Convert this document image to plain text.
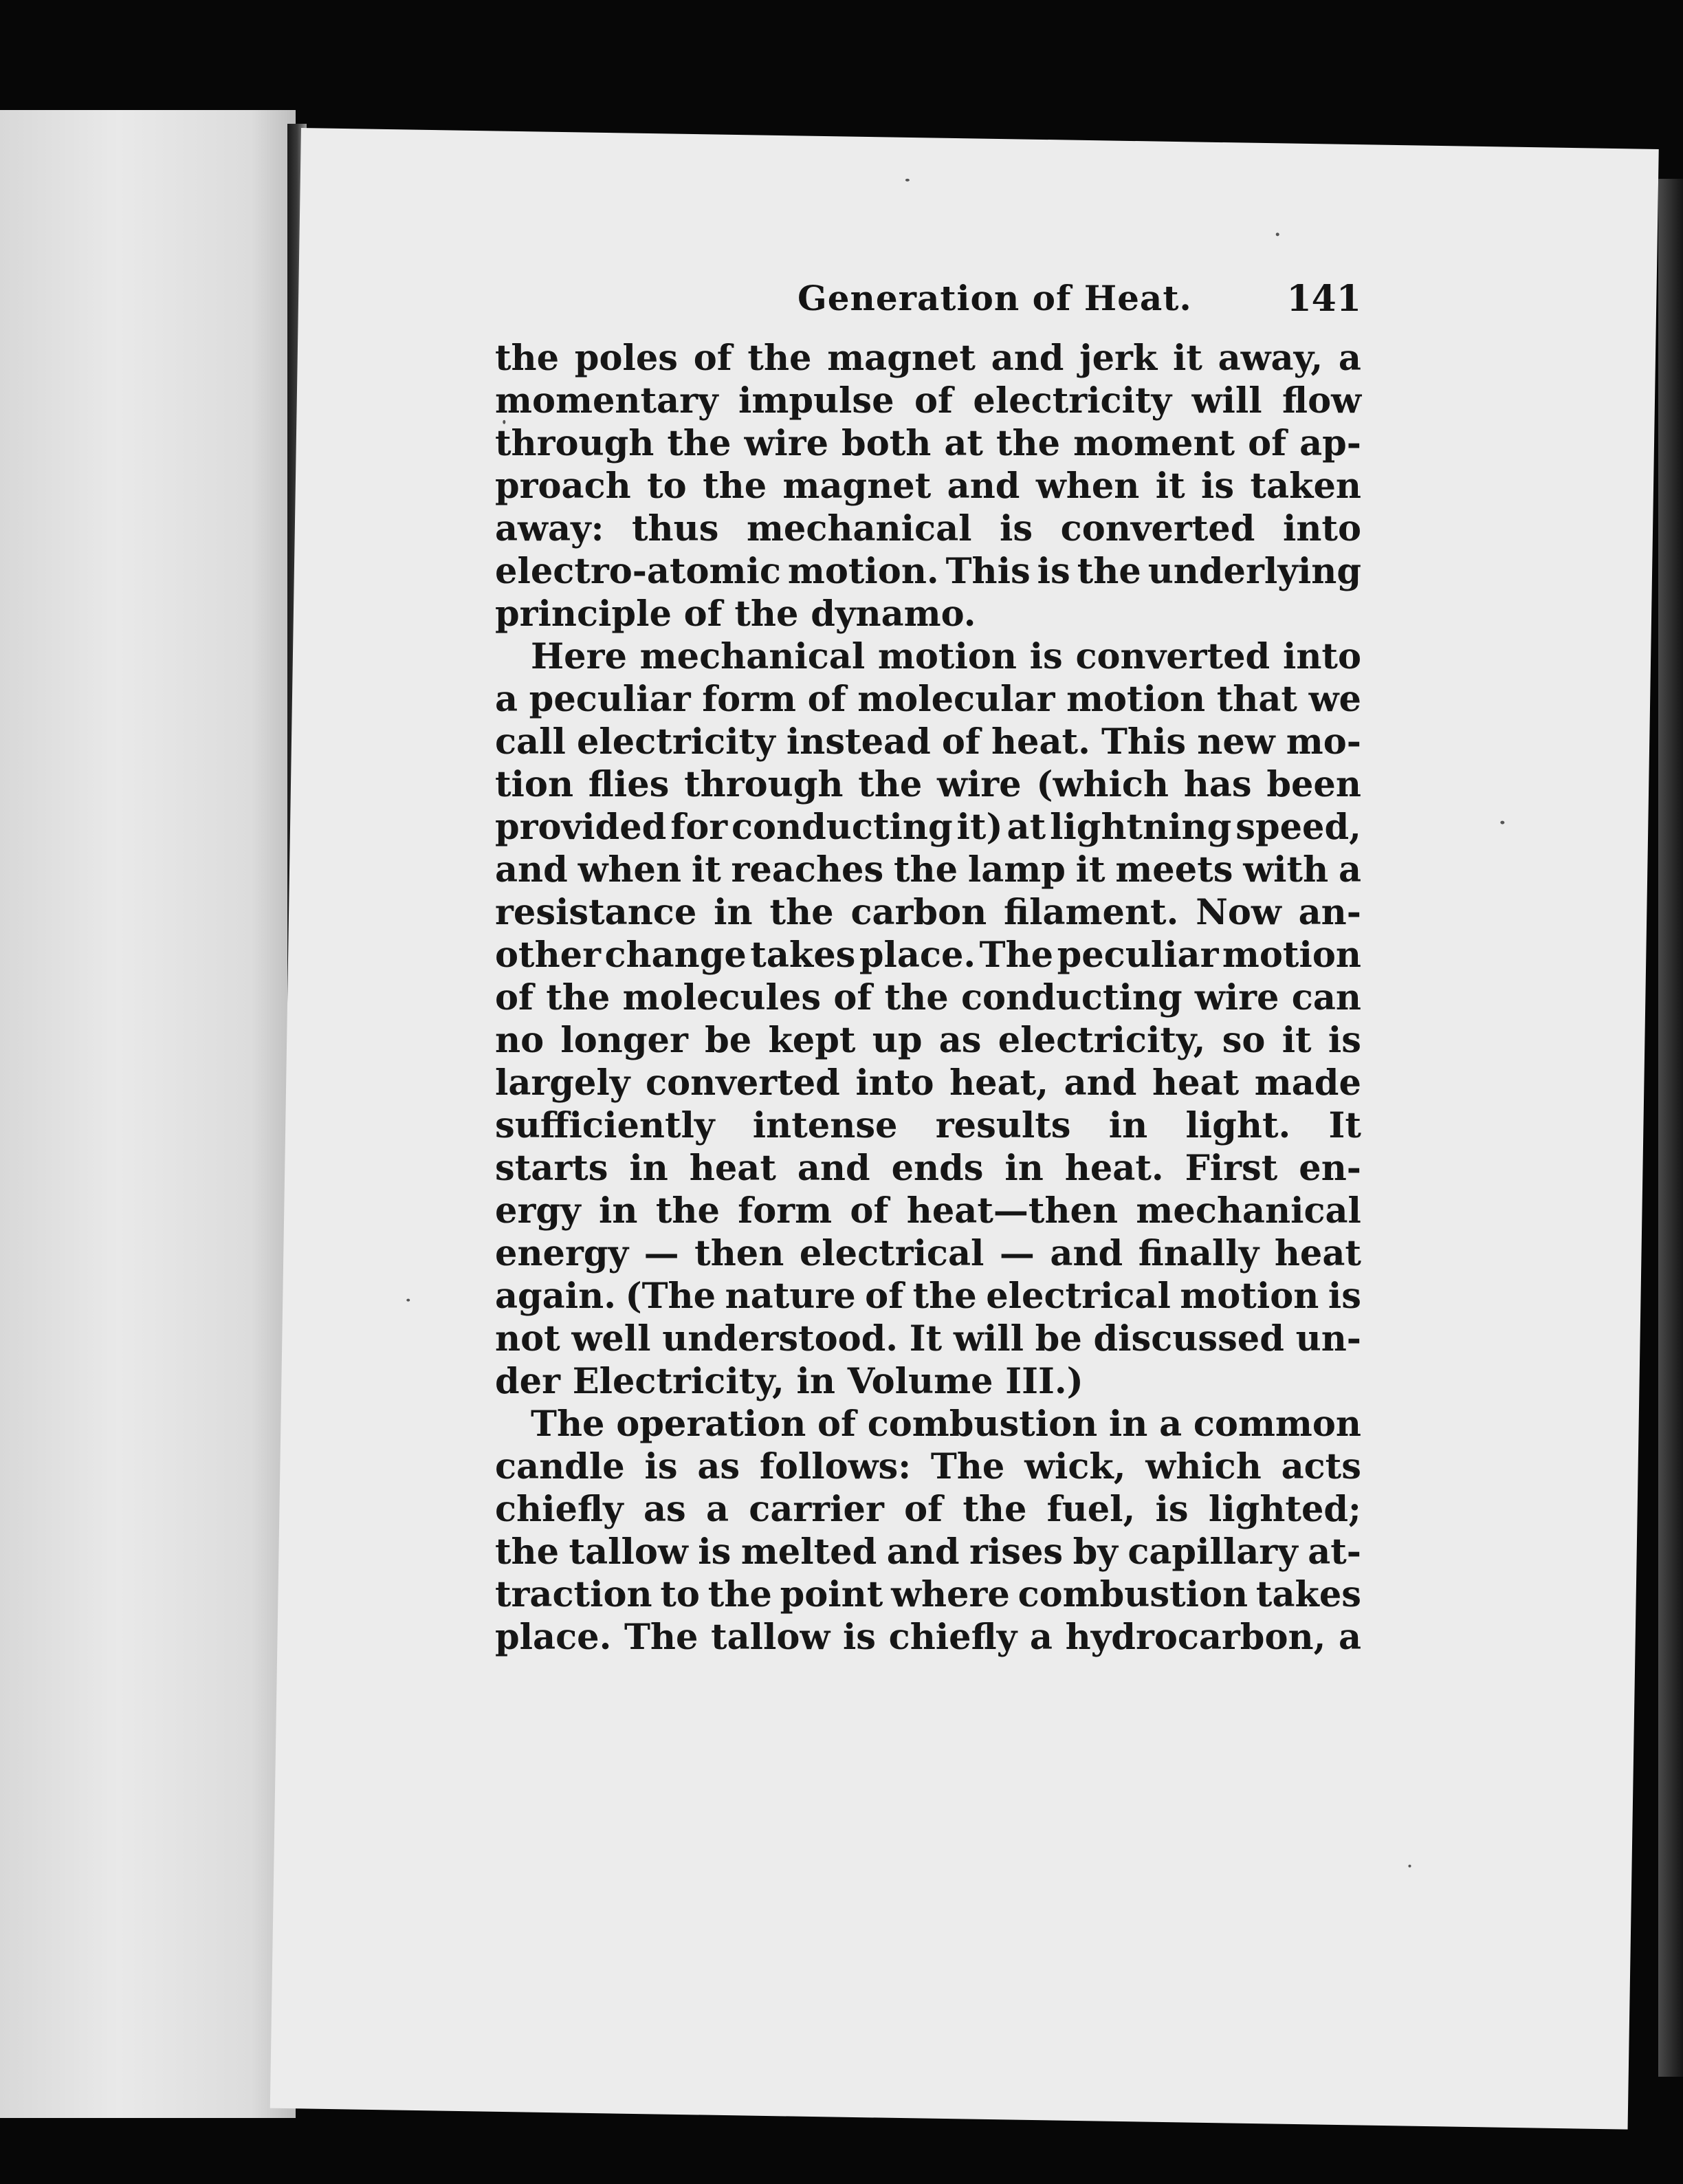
Generation of Heat.	141
the poles of the magnet and jerk it away, a
momentary impulse of electricity will flow
through the wire both at the moment of ap-
proach to the magnet and when it is taken
away: thus mechanical is converted into
electro-atomic motion. This is the underlying
principle of the dynamo.
Here mechanical motion is converted into
a peculiar form of molecular motion that we
call electricity instead of heat. This new mo-
tion flies through the wire (which has been
provided for conducting it) at lightning speed,
and when it reaches the lamp it meets with a
resistance in the carbon filament. Now an-
other change takes place. The peculiar motion
of the molecules of the conducting wire can
no longer be kept up as electricity, so it is
largely converted into heat, and heat made
sufficiently intense results in light. It
starts in heat and ends in heat. First en-
ergy in the form of heat—then mechanical
energy — then electrical — and finally heat
again. (The nature of the electrical motion is
not well understood. It will be discussed un-
der Electricity, in Volume III.)
The operation of combustion in a common
candle is as follows: The wick, which acts
chiefly as a carrier of the fuel, is lighted;
the tallow is melted and rises by capillary at-
traction to the point where combustion takes
place. The tallow is chiefly a hydrocarbon, a
